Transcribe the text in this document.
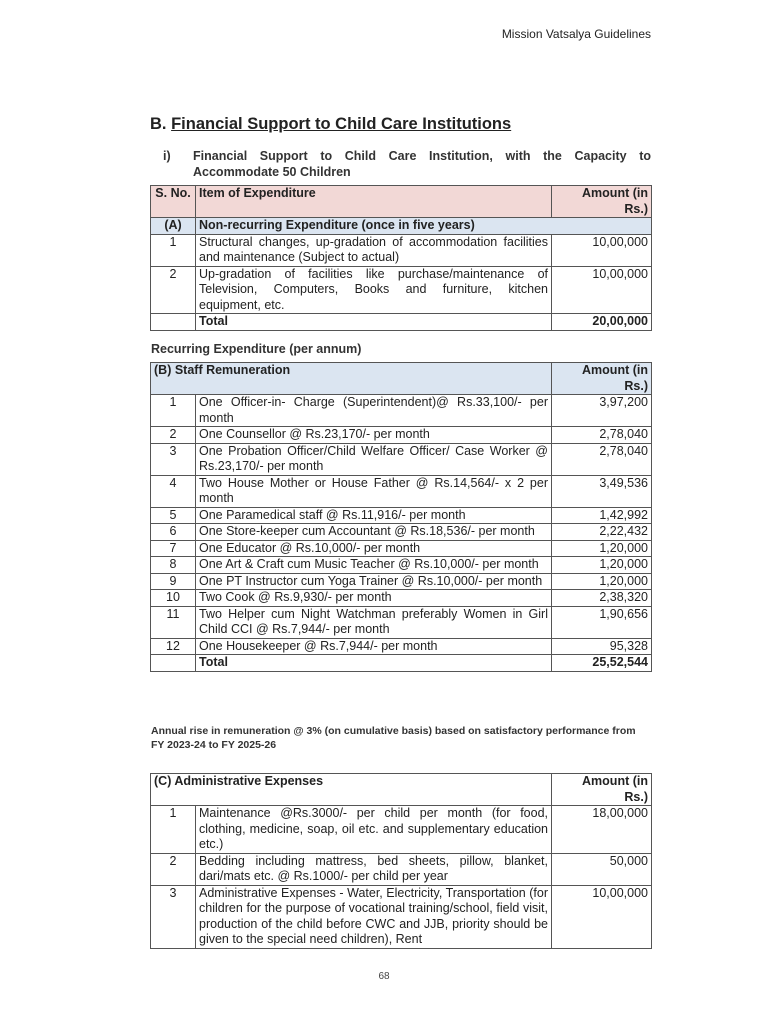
Mission Vatsalya Guidelines
B. Financial Support to Child Care Institutions
i) Financial Support to Child Care Institution, with the Capacity to Accommodate 50 Children
S. No.	Item of Expenditure	Amount (in Rs.)
(A)	Non-recurring Expenditure (once in five years)	
1	Structural changes, up-gradation of accommodation facilities and maintenance (Subject to actual)	10,00,000
2	Up-gradation of facilities like purchase/maintenance of Television, Computers, Books and furniture, kitchen equipment, etc.	10,00,000
	Total	20,00,000
Recurring Expenditure (per annum)
(B) Staff Remuneration		Amount (in Rs.)
1	One Officer-in- Charge (Superintendent)@ Rs.33,100/- per month	3,97,200
2	One Counsellor @ Rs.23,170/- per month	2,78,040
3	One Probation Officer/Child Welfare Officer/ Case Worker @ Rs.23,170/- per month	2,78,040
4	Two House Mother or House Father @ Rs.14,564/- x 2 per month	3,49,536
5	One Paramedical staff @ Rs.11,916/- per month	1,42,992
6	One Store-keeper cum Accountant @ Rs.18,536/- per month	2,22,432
7	One Educator @ Rs.10,000/- per month	1,20,000
8	One Art & Craft cum Music Teacher @ Rs.10,000/- per month	1,20,000
9	One PT Instructor cum Yoga Trainer @ Rs.10,000/- per month	1,20,000
10	Two Cook @ Rs.9,930/- per month	2,38,320
11	Two Helper cum Night Watchman preferably Women in Girl Child CCI @ Rs.7,944/- per month	1,90,656
12	One Housekeeper @ Rs.7,944/- per month	95,328
	Total	25,52,544
Annual rise in remuneration @ 3% (on cumulative basis) based on satisfactory performance from FY 2023-24 to FY 2025-26
(C) Administrative Expenses		Amount (in Rs.)
1	Maintenance @Rs.3000/- per child per month (for food, clothing, medicine, soap, oil etc. and supplementary education etc.)	18,00,000
2	Bedding including mattress, bed sheets, pillow, blanket, dari/mats etc. @ Rs.1000/- per child per year	50,000
3	Administrative Expenses - Water, Electricity, Transportation (for children for the purpose of vocational training/school, field visit, production of the child before CWC and JJB, priority should be given to the special need children), Rent	10,00,000
68
